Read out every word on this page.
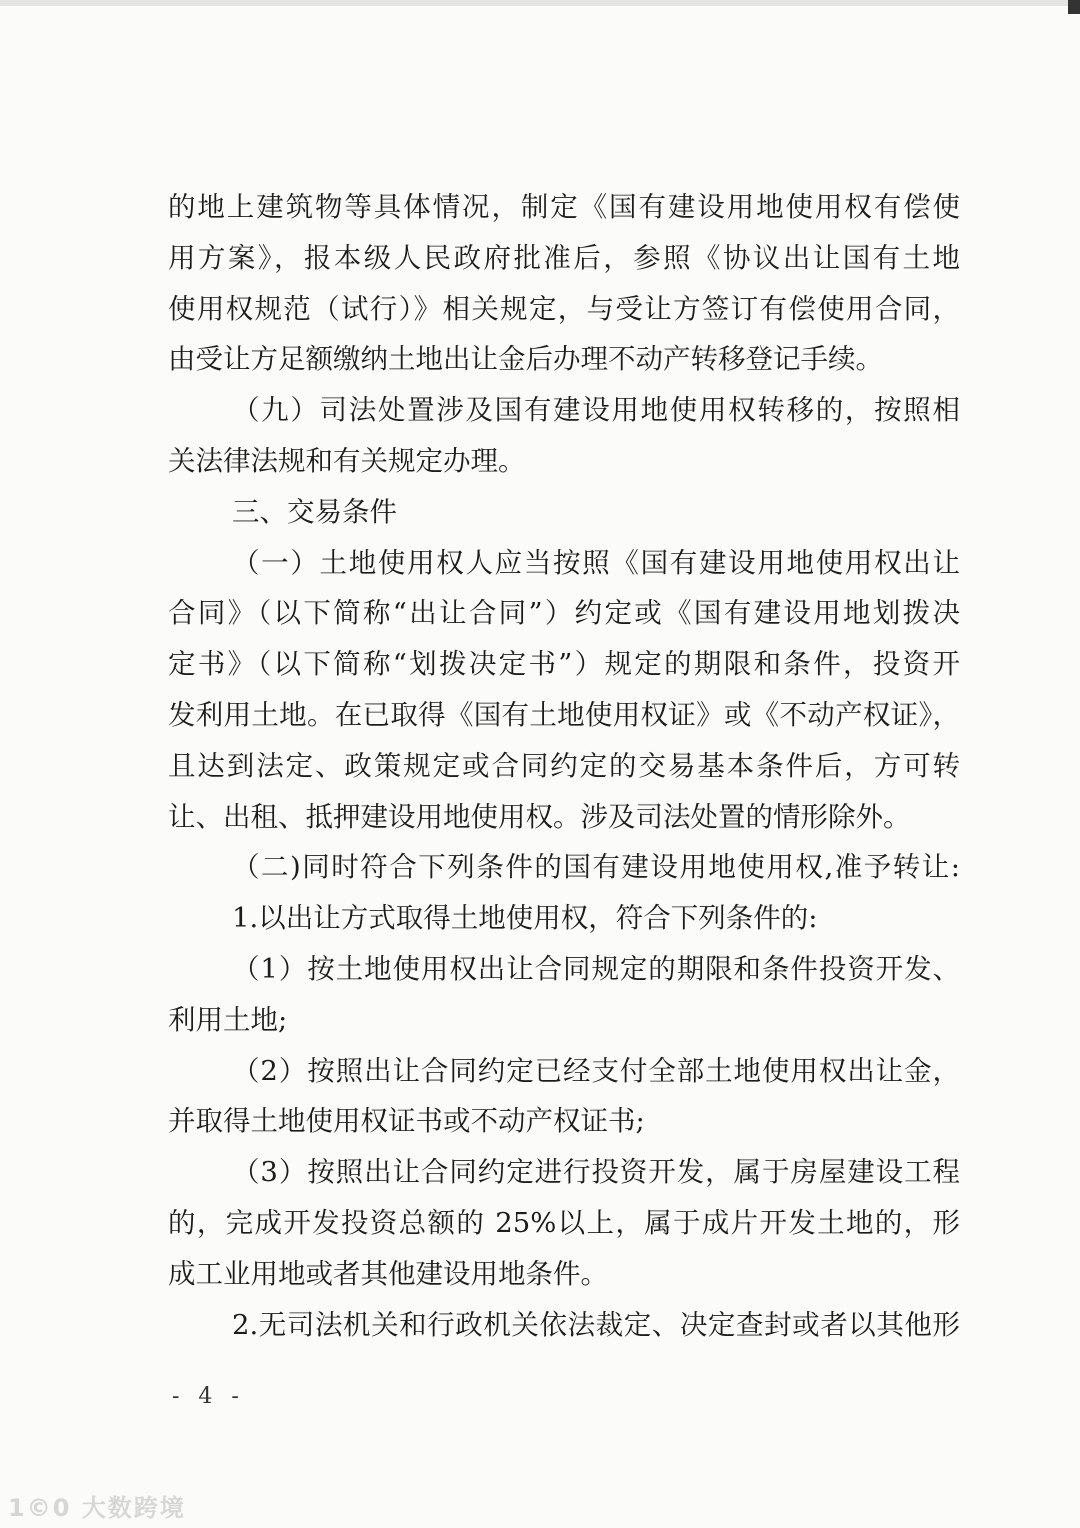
的地上建筑物等具体情况，制定《国有建设用地使用权有偿使
用方案》，报本级人民政府批准后，参照《协议出让国有土地
使用权规范（试行）》相关规定，与受让方签订有偿使用合同，
由受让方足额缴纳土地出让金后办理不动产转移登记手续。
（九）司法处置涉及国有建设用地使用权转移的，按照相
关法律法规和有关规定办理。
三、交易条件
（一）土地使用权人应当按照《国有建设用地使用权出让
合同》（以下简称“出让合同”）约定或《国有建设用地划拨决
定书》（以下简称“划拨决定书”）规定的期限和条件，投资开
发利用土地。在已取得《国有土地使用权证》或《不动产权证》，
且达到法定、政策规定或合同约定的交易基本条件后，方可转
让、出租、抵押建设用地使用权。涉及司法处置的情形除外。
（二)同时符合下列条件的国有建设用地使用权,准予转让:
1.以出让方式取得土地使用权，符合下列条件的:
（1）按土地使用权出让合同规定的期限和条件投资开发、
利用土地;
（2）按照出让合同约定已经支付全部土地使用权出让金，
并取得土地使用权证书或不动产权证书;
（3）按照出让合同约定进行投资开发，属于房屋建设工程
的，完成开发投资总额的 25%以上，属于成片开发土地的，形
成工业用地或者其他建设用地条件。
2.无司法机关和行政机关依法裁定、决定查封或者以其他形
- 4 -
1©0 大数跨境
